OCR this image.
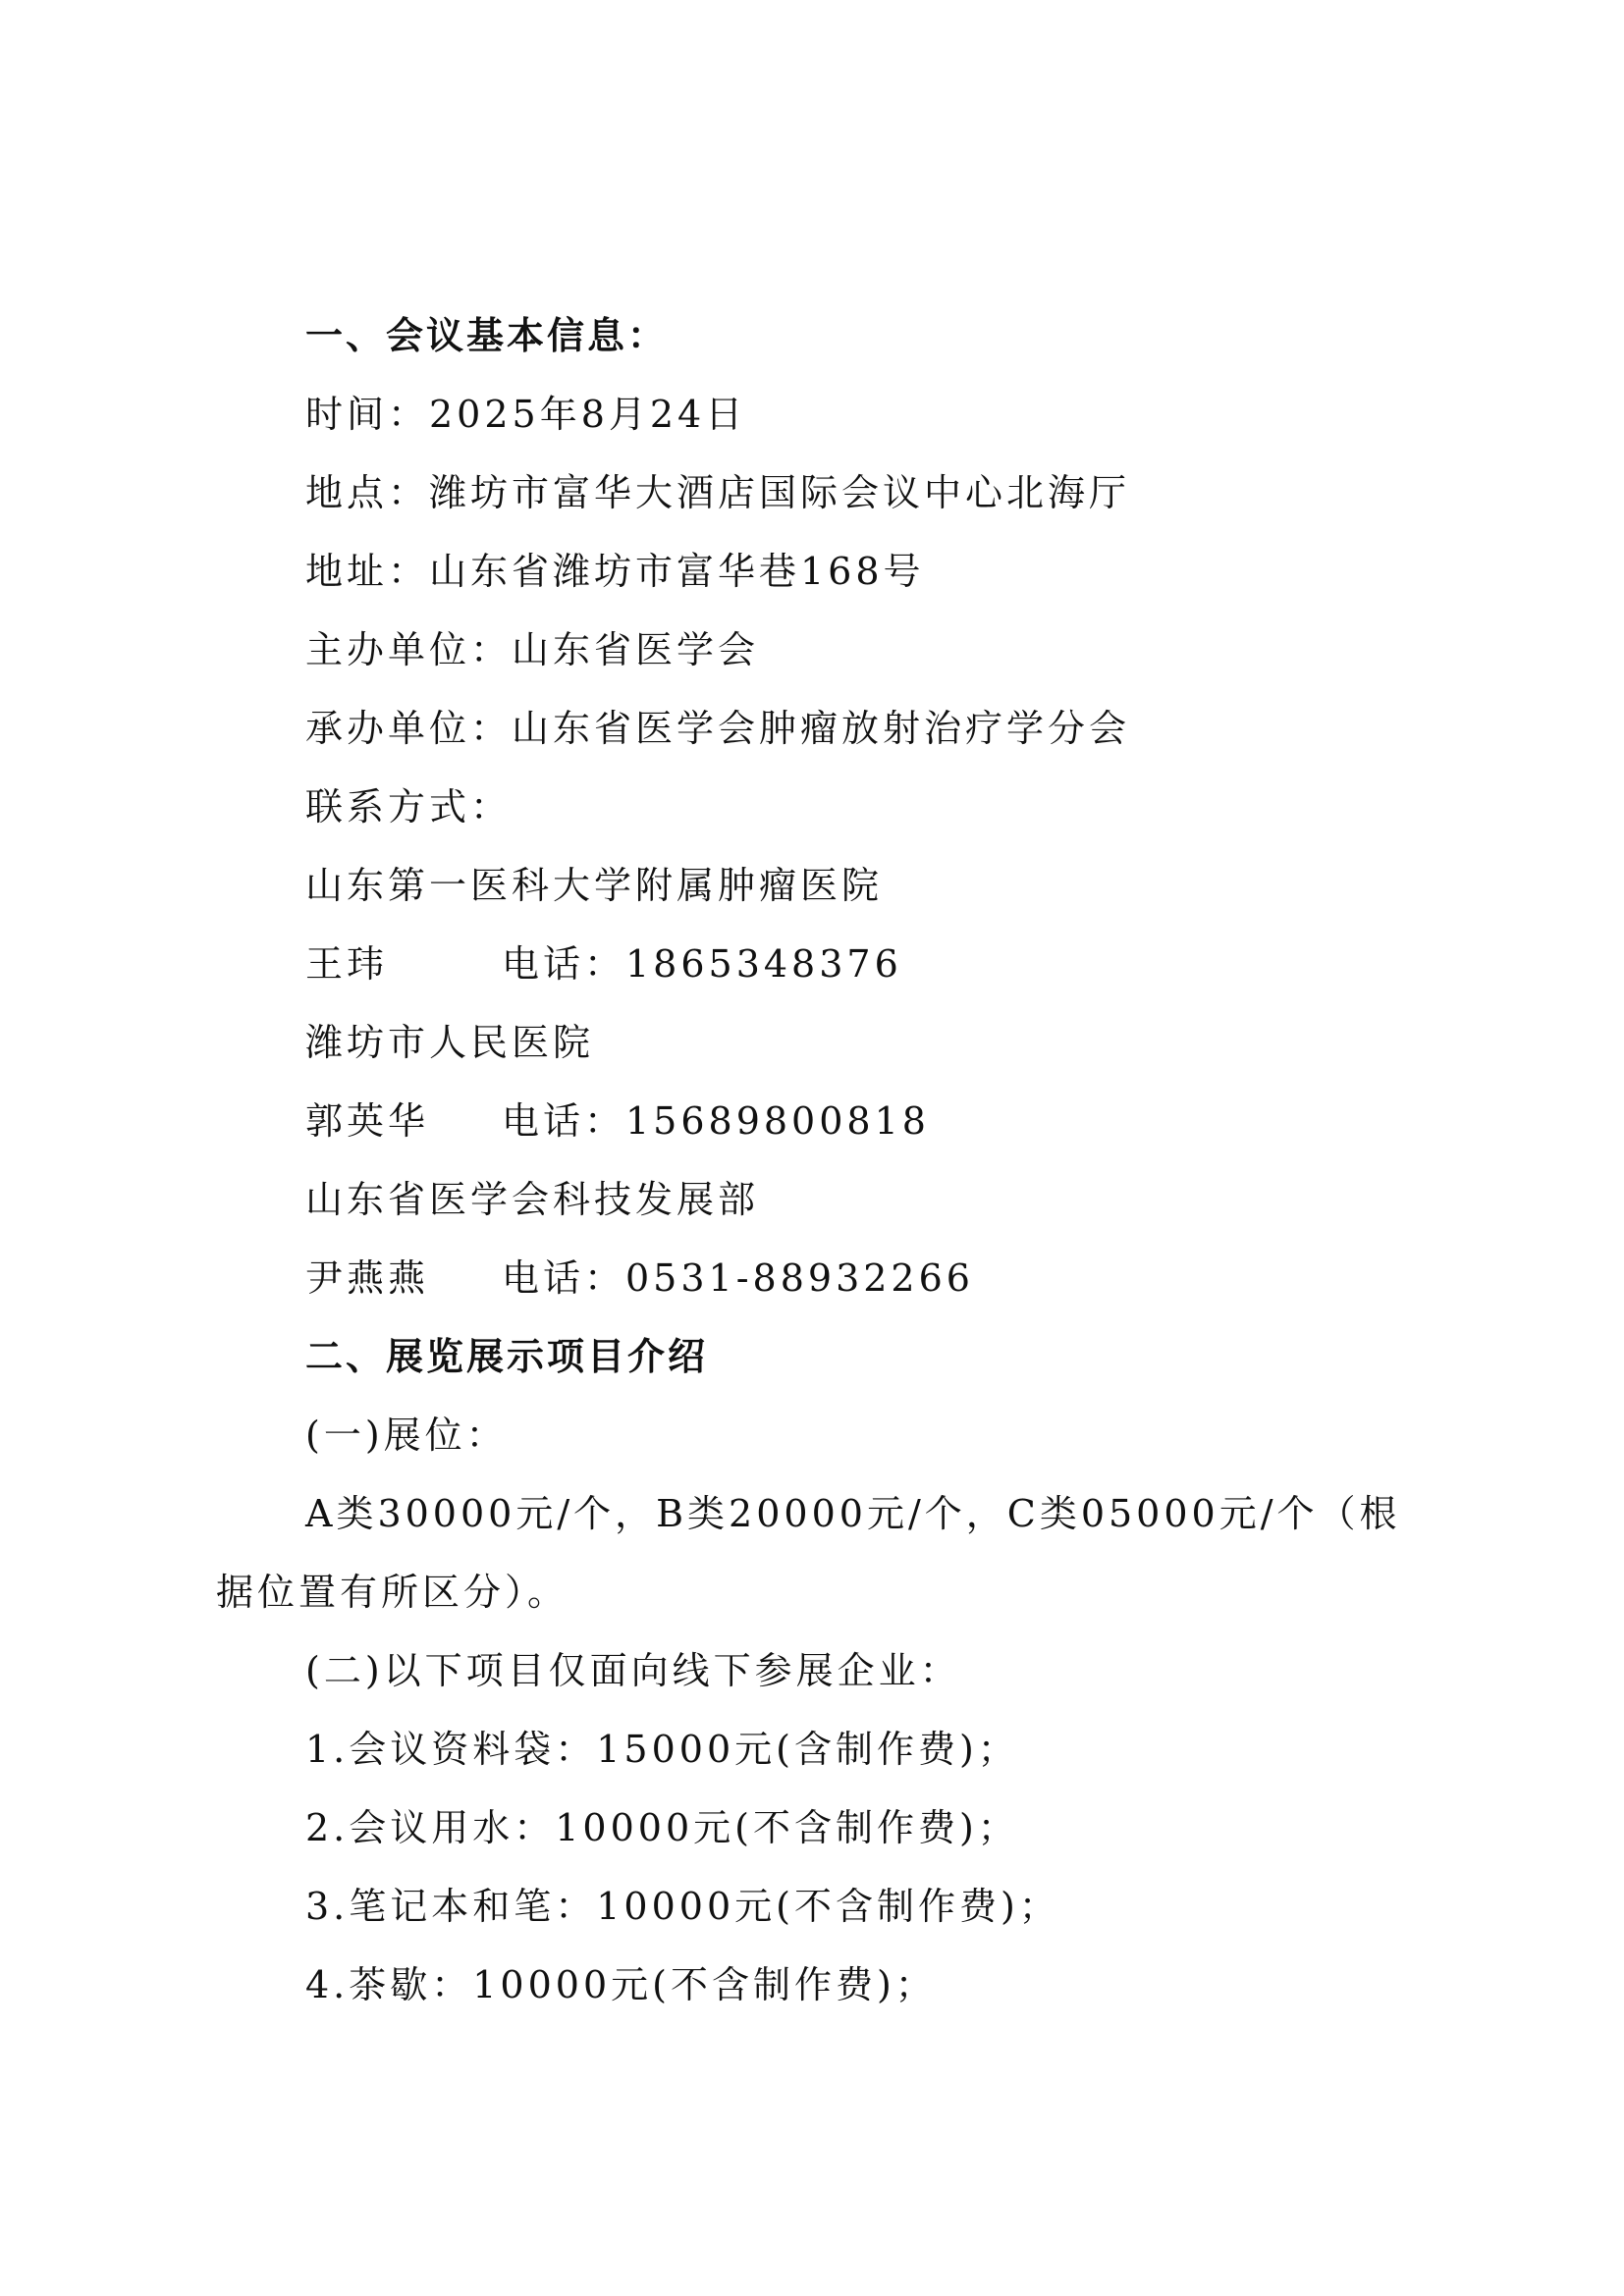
一、会议基本信息：
时间：2025年8月24日
地点：潍坊市富华大酒店国际会议中心北海厅
地址：山东省潍坊市富华巷168号
主办单位：山东省医学会
承办单位：山东省医学会肿瘤放射治疗学分会
联系方式：
山东第一医科大学附属肿瘤医院
王玮	电话：1865348376
潍坊市人民医院
郭英华 电话：15689800818
山东省医学会科技发展部
尹燕燕 电话：0531-88932266
二、展览展示项目介绍
(一)展位：
A类30000元/个，B类20000元/个，C类05000元/个（根
据位置有所区分）。
(二)以下项目仅面向线下参展企业：
1.会议资料袋：15000元(含制作费)；
2.会议用水：10000元(不含制作费)；
3.笔记本和笔：10000元(不含制作费)；
4.茶歇：10000元(不含制作费)；
